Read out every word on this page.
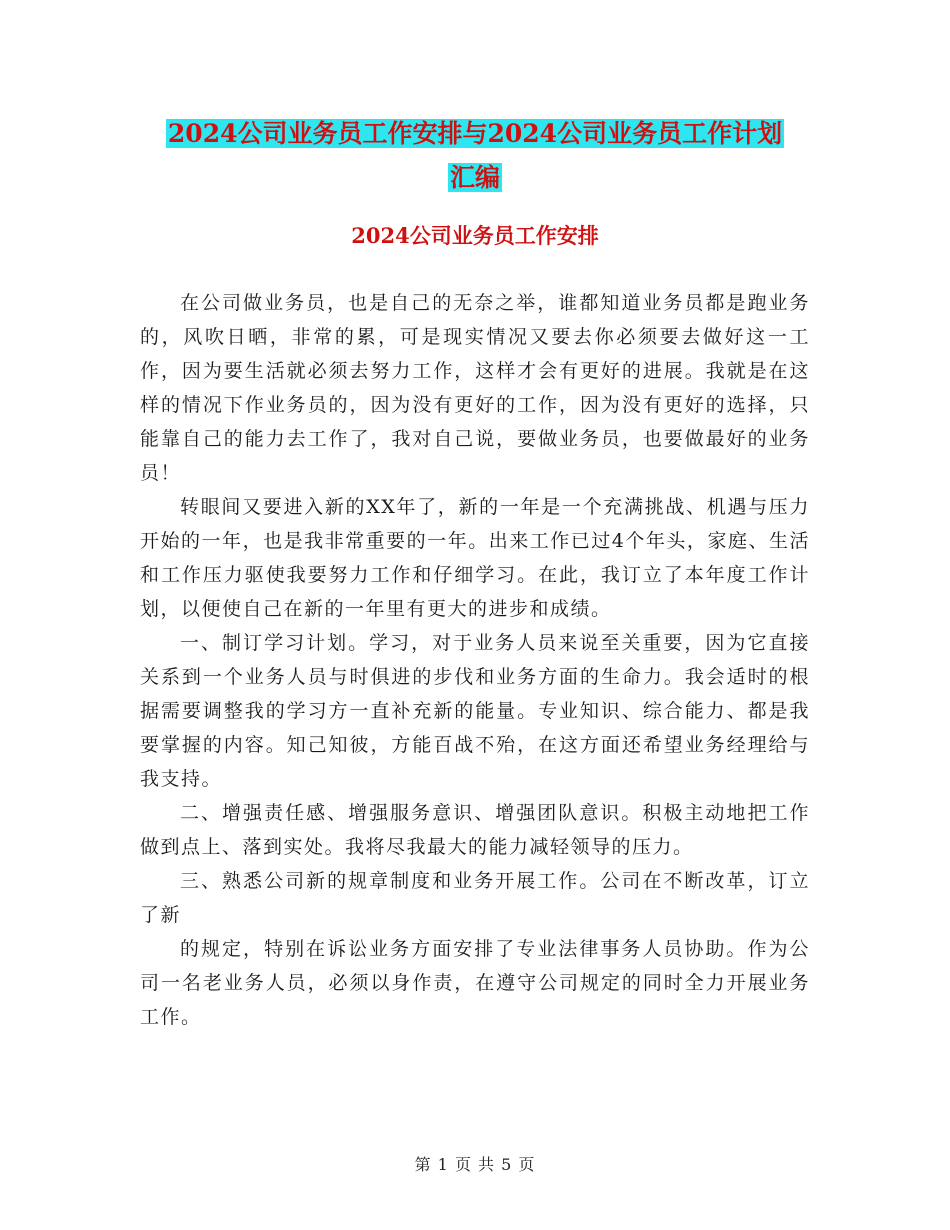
2024公司业务员工作安排与2024公司业务员工作计划
汇编
2024公司业务员工作安排

在公司做业务员，也是自己的无奈之举，谁都知道业务员都是跑业务的，风吹日晒，非常的累，可是现实情况又要去你必须要去做好这一工作，因为要生活就必须去努力工作，这样才会有更好的进展。我就是在这样的情况下作业务员的，因为没有更好的工作，因为没有更好的选择，只能靠自己的能力去工作了，我对自己说，要做业务员，也要做最好的业务员！

转眼间又要进入新的XX年了，新的一年是一个充满挑战、机遇与压力开始的一年，也是我非常重要的一年。出来工作已过4个年头，家庭、生活和工作压力驱使我要努力工作和仔细学习。在此，我订立了本年度工作计划，以便使自己在新的一年里有更大的进步和成绩。

一、制订学习计划。学习，对于业务人员来说至关重要，因为它直接关系到一个业务人员与时俱进的步伐和业务方面的生命力。我会适时的根据需要调整我的学习方一直补充新的能量。专业知识、综合能力、都是我要掌握的内容。知己知彼，方能百战不殆，在这方面还希望业务经理给与我支持。

二、增强责任感、增强服务意识、增强团队意识。积极主动地把工作做到点上、落到实处。我将尽我最大的能力减轻领导的压力。

三、熟悉公司新的规章制度和业务开展工作。公司在不断改革，订立了新

的规定，特别在诉讼业务方面安排了专业法律事务人员协助。作为公司一名老业务人员，必须以身作责，在遵守公司规定的同时全力开展业务工作。

第 1 页 共 5 页
